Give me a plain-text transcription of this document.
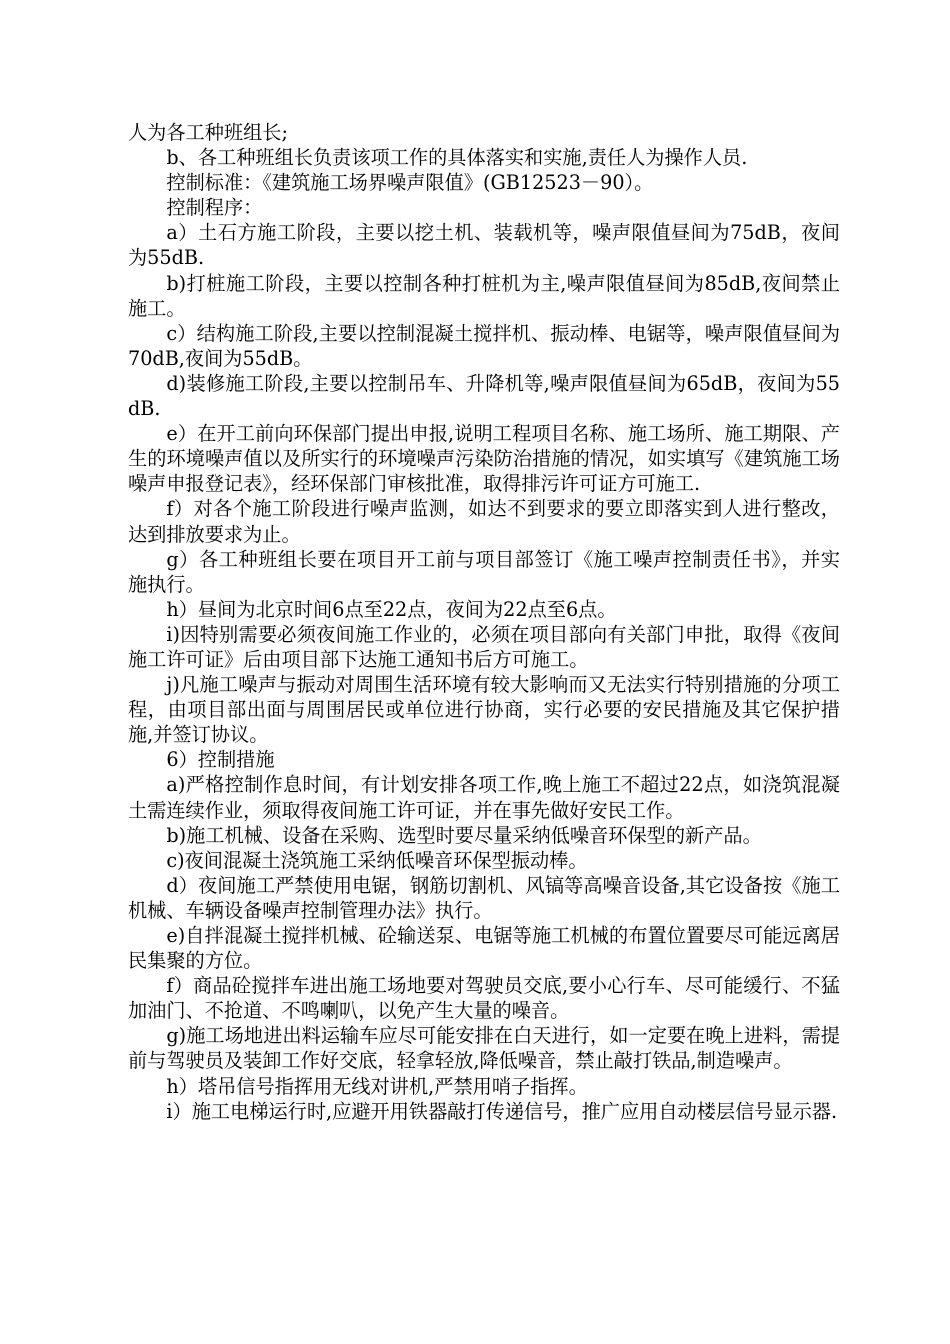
人为各工种班组长;

b、各工种班组长负责该项工作的具体落实和实施,责任人为操作人员.

控制标准：《建筑施工场界噪声限值》(GB12523－90）。

控制程序：

a）土石方施工阶段，主要以挖土机、装载机等，噪声限值昼间为75dB，夜间为55dB.

b)打桩施工阶段，主要以控制各种打桩机为主,噪声限值昼间为85dB,夜间禁止施工。

c）结构施工阶段,主要以控制混凝土搅拌机、振动棒、电锯等，噪声限值昼间为70dB,夜间为55dB。

d)装修施工阶段,主要以控制吊车、升降机等,噪声限值昼间为65dB，夜间为55dB.

e）在开工前向环保部门提出申报,说明工程项目名称、施工场所、施工期限、产生的环境噪声值以及所实行的环境噪声污染防治措施的情况，如实填写《建筑施工场噪声申报登记表》，经环保部门审核批准，取得排污许可证方可施工.

f）对各个施工阶段进行噪声监测，如达不到要求的要立即落实到人进行整改，达到排放要求为止。

g）各工种班组长要在项目开工前与项目部签订《施工噪声控制责任书》，并实施执行。

h）昼间为北京时间6点至22点，夜间为22点至6点。

i)因特别需要必须夜间施工作业的，必须在项目部向有关部门申批，取得《夜间施工许可证》后由项目部下达施工通知书后方可施工。

j)凡施工噪声与振动对周围生活环境有较大影响而又无法实行特别措施的分项工程，由项目部出面与周围居民或单位进行协商，实行必要的安民措施及其它保护措施,并签订协议。

6）控制措施

a)严格控制作息时间，有计划安排各项工作,晚上施工不超过22点，如浇筑混凝土需连续作业，须取得夜间施工许可证，并在事先做好安民工作。

b)施工机械、设备在采购、选型时要尽量采纳低噪音环保型的新产品。

c)夜间混凝土浇筑施工采纳低噪音环保型振动棒。

d）夜间施工严禁使用电锯，钢筋切割机、风镐等高噪音设备,其它设备按《施工机械、车辆设备噪声控制管理办法》执行。

e)自拌混凝土搅拌机械、砼输送泵、电锯等施工机械的布置位置要尽可能远离居民集聚的方位。

f）商品砼搅拌车进出施工场地要对驾驶员交底,要小心行车、尽可能缓行、不猛加油门、不抢道、不鸣喇叭，以免产生大量的噪音。

g)施工场地进出料运输车应尽可能安排在白天进行，如一定要在晚上进料，需提前与驾驶员及装卸工作好交底，轻拿轻放,降低噪音，禁止敲打铁品,制造噪声。

h）塔吊信号指挥用无线对讲机,严禁用哨子指挥。

i）施工电梯运行时,应避开用铁器敲打传递信号，推广应用自动楼层信号显示器.
